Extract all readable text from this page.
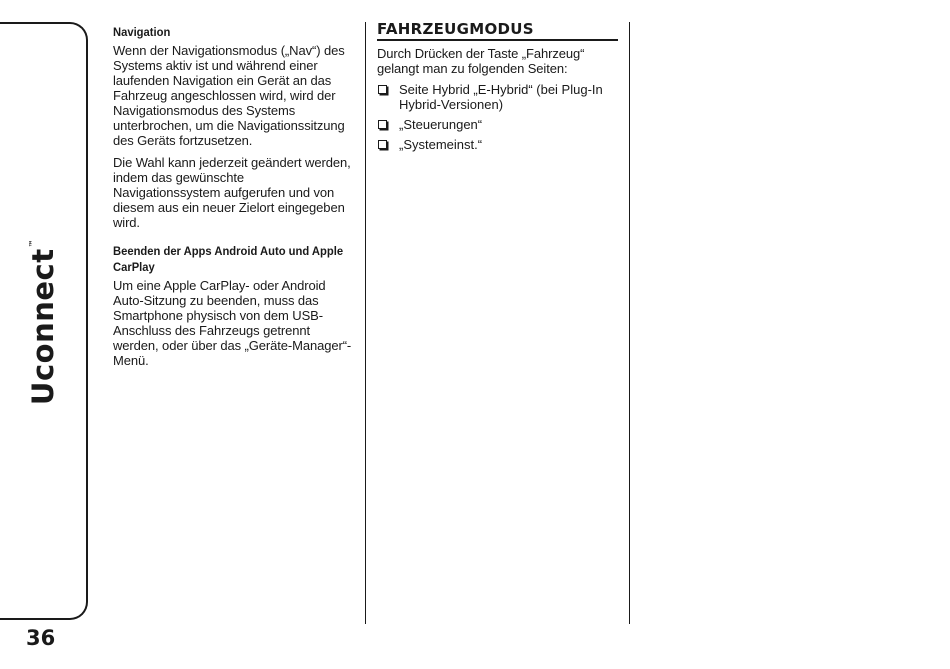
Uconnect™
36
Navigation

Wenn der Navigationsmodus („Nav“) des Systems aktiv ist und während einer laufenden Navigation ein Gerät an das Fahrzeug angeschlossen wird, wird der Navigationsmodus des Systems unterbrochen, um die Navigationssitzung des Geräts fortzusetzen.

Die Wahl kann jederzeit geändert werden, indem das gewünschte Navigationssystem aufgerufen und von diesem aus ein neuer Zielort eingegeben wird.

Beenden der Apps Android Auto und Apple CarPlay

Um eine Apple CarPlay- oder Android Auto-Sitzung zu beenden, muss das Smartphone physisch von dem USB-Anschluss des Fahrzeugs getrennt werden, oder über das „Geräte-Manager“-Menü.

FAHRZEUGMODUS

Durch Drücken der Taste „Fahrzeug“ gelangt man zu folgenden Seiten:

Seite Hybrid „E-Hybrid“ (bei Plug-In Hybrid-Versionen)
„Steuerungen“
„Systemeinst.“
